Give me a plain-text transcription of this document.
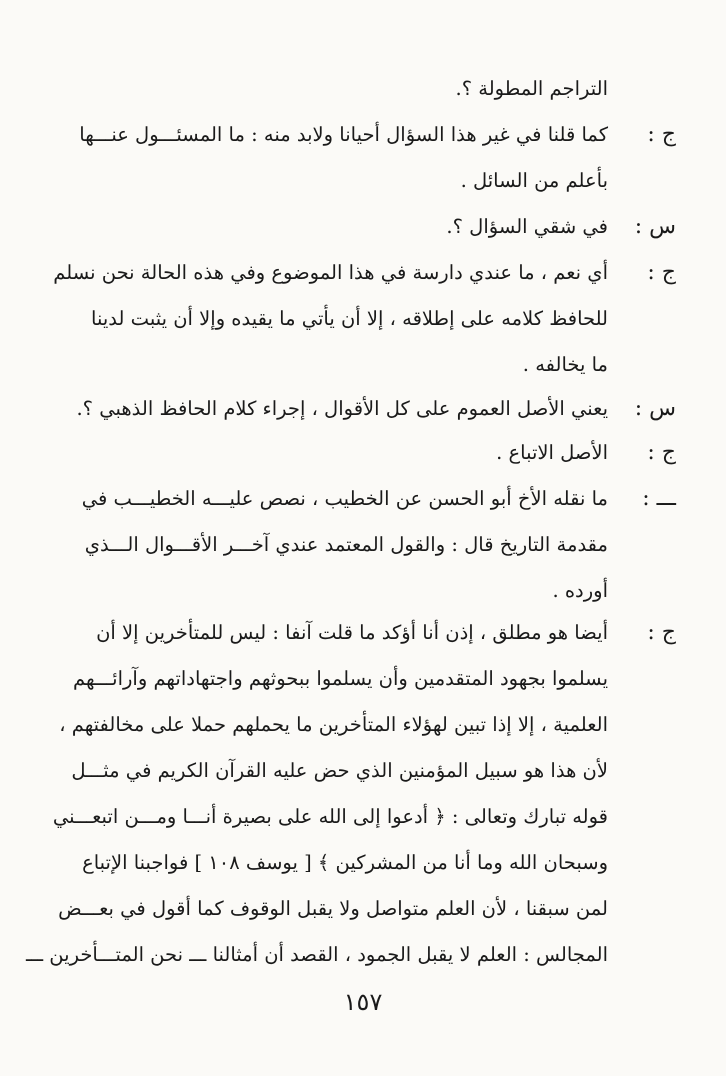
التراجم المطولة ؟.
ج :
كما قلنا في غير هذا السؤال أحيانا ولابد منه : ما المسئـــول عنـــها
بأعلم من السائل .
س :
في شقي السؤال ؟.
ج :
أي نعم ، ما عندي دارسة في هذا الموضوع وفي هذه الحالة نحن نسلم
للحافظ كلامه على إطلاقه ، إلا أن يأتي ما يقيده وإلا أن يثبت لدينا
ما يخالفه .
س :
يعني الأصل العموم على كل الأقوال ، إجراء كلام الحافظ الذهبي ؟.
ج :
الأصل الاتباع .
ـــ :
ما نقله الأخ أبو الحسن عن الخطيب ، نصص عليـــه الخطيـــب في
مقدمة التاريخ قال : والقول المعتمد عندي آخـــر الأقـــوال الـــذي
أورده .
ج :
أيضا هو مطلق ، إذن أنا أؤكد ما قلت آنفا : ليس للمتأخرين إلا أن
يسلموا بجهود المتقدمين وأن يسلموا ببحوثهم واجتهاداتهم وآرائـــهم
العلمية ، إلا إذا تبين لهؤلاء المتأخرين ما يحملهم حملا على مخالفتهم ،
لأن هذا هو سبيل المؤمنين الذي حض عليه القرآن الكريم في مثـــل
قوله تبارك وتعالى : ﴿ أدعوا إلى الله على بصيرة أنـــا ومـــن اتبعـــني
وسبحان الله وما أنا من المشركين ﴾ [ يوسف ١٠٨ ] فواجبنا الإتباع
لمن سبقنا ، لأن العلم متواصل ولا يقبل الوقوف كما أقول في بعـــض
المجالس : العلم لا يقبل الجمود ، القصد أن أمثالنا ـــ نحن المتـــأخرين ـــ
١٥٧
